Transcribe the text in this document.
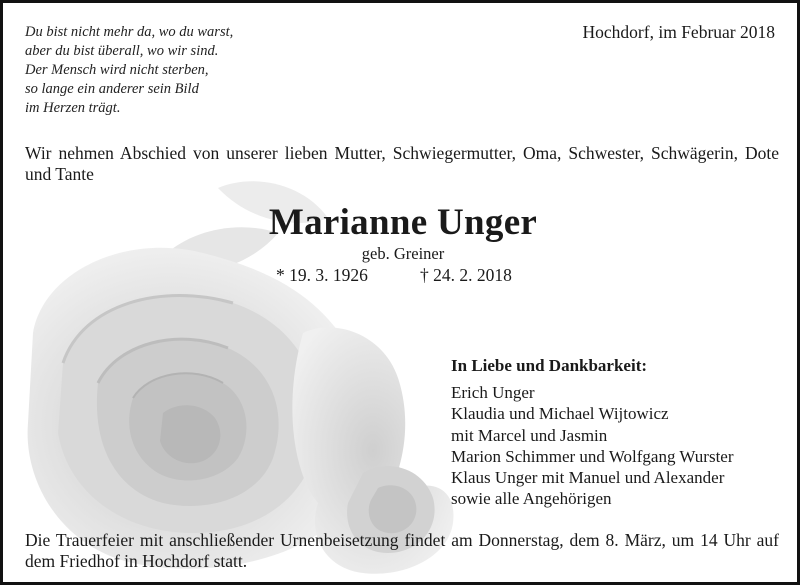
Du bist nicht mehr da, wo du warst,
aber du bist überall, wo wir sind.
Der Mensch wird nicht sterben,
so lange ein anderer sein Bild
im Herzen trägt.
Hochdorf, im Februar 2018
Wir nehmen Abschied von unserer lieben Mutter, Schwiegermutter, Oma, Schwester, Schwägerin, Dote und Tante
Marianne Unger
geb. Greiner
* 19. 3. 1926	† 24. 2. 2018
In Liebe und Dankbarkeit:
Erich Unger
Klaudia und Michael Wijtowicz
mit Marcel und Jasmin
Marion Schimmer und Wolfgang Wurster
Klaus Unger mit Manuel und Alexander
sowie alle Angehörigen
Die Trauerfeier mit anschließender Urnenbeisetzung findet am Donnerstag, dem 8. März, um 14 Uhr auf dem Friedhof in Hochdorf statt.
